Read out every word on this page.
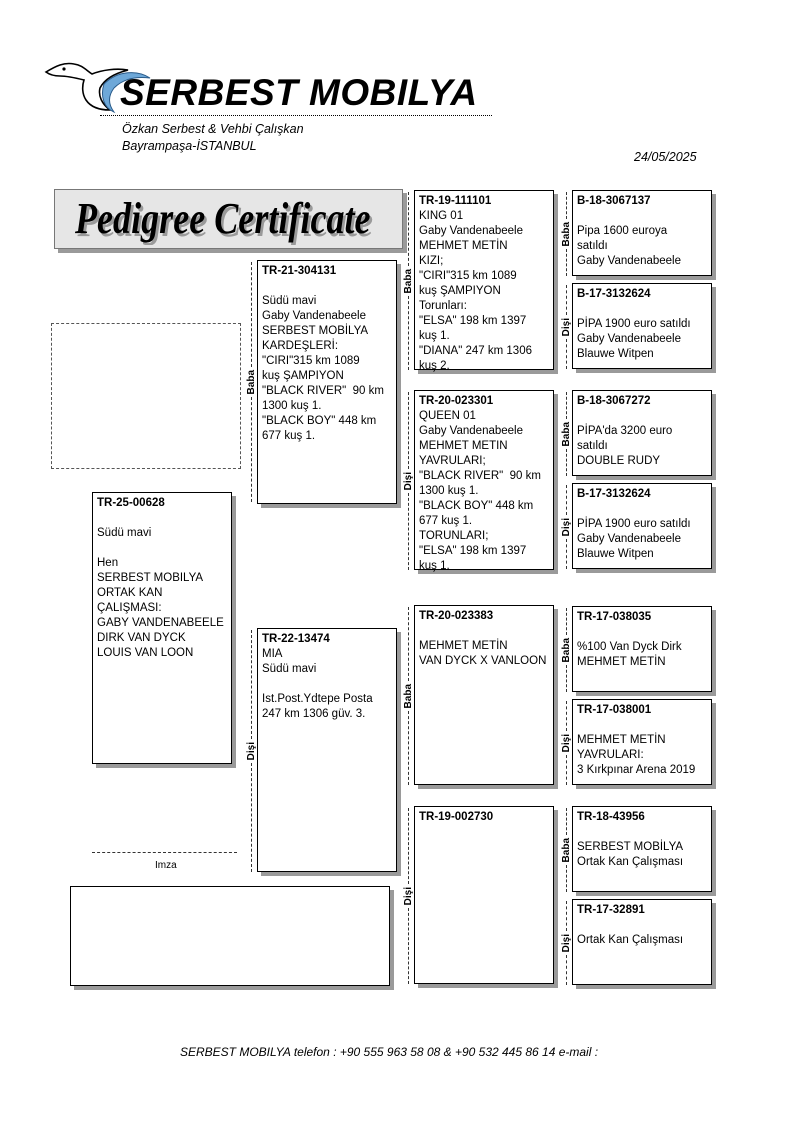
SERBEST MOBILYA
Özkan Serbest & Vehbi Çalışkan
Bayrampaşa-İSTANBUL
24/05/2025
Pedigree Certificate
TR-25-00628
Südü mavi
Hen
SERBEST MOBILYA
ORTAK KAN
ÇALIŞMASI:
GABY VANDENABEELE
DIRK VAN DYCK
LOUIS VAN LOON
Baba
TR-21-304131
Südü mavi
Gaby Vandenabeele
SERBEST MOBİLYA
KARDEŞLERİ:
"CIRI"315 km 1089
kuş ŞAMPIYON
"BLACK RIVER"  90 km
1300 kuş 1.
"BLACK BOY" 448 km
677 kuş 1.
Dişi
TR-22-13474
MIA
Südü mavi
Ist.Post.Ydtepe Posta
247 km 1306 güv. 3.
Baba
TR-19-111101
KING 01
Gaby Vandenabeele
MEHMET METİN
KIZI;
"CIRI"315 km 1089
kuş ŞAMPIYON
Torunları:
"ELSA" 198 km 1397
kuş 1.
"DIANA" 247 km 1306
kuş 2.
Dişi
TR-20-023301
QUEEN 01
Gaby Vandenabeele
MEHMET METIN
YAVRULARI;
"BLACK RIVER"  90 km
1300 kuş 1.
"BLACK BOY" 448 km
677 kuş 1.
TORUNLARI;
"ELSA" 198 km 1397
kuş 1.
Baba
TR-20-023383
MEHMET METİN
VAN DYCK X VANLOON
Dişi
TR-19-002730
Baba
B-18-3067137
Pipa 1600 euroya
satıldı
Gaby Vandenabeele
Dişi
B-17-3132624
PİPA 1900 euro satıldı
Gaby Vandenabeele
Blauwe Witpen
Baba
B-18-3067272
PİPA'da 3200 euro
satıldı
DOUBLE RUDY
Dişi
B-17-3132624
PİPA 1900 euro satıldı
Gaby Vandenabeele
Blauwe Witpen
Baba
TR-17-038035
%100 Van Dyck Dirk
MEHMET METİN
Dişi
TR-17-038001
MEHMET METİN
YAVRULARI:
3 Kırkpınar Arena 2019
Baba
TR-18-43956
SERBEST MOBİLYA
Ortak Kan Çalışması
Dişi
TR-17-32891
Ortak Kan Çalışması
Imza
SERBEST MOBILYA telefon : +90 555 963 58 08 & +90 532 445 86 14 e-mail :
